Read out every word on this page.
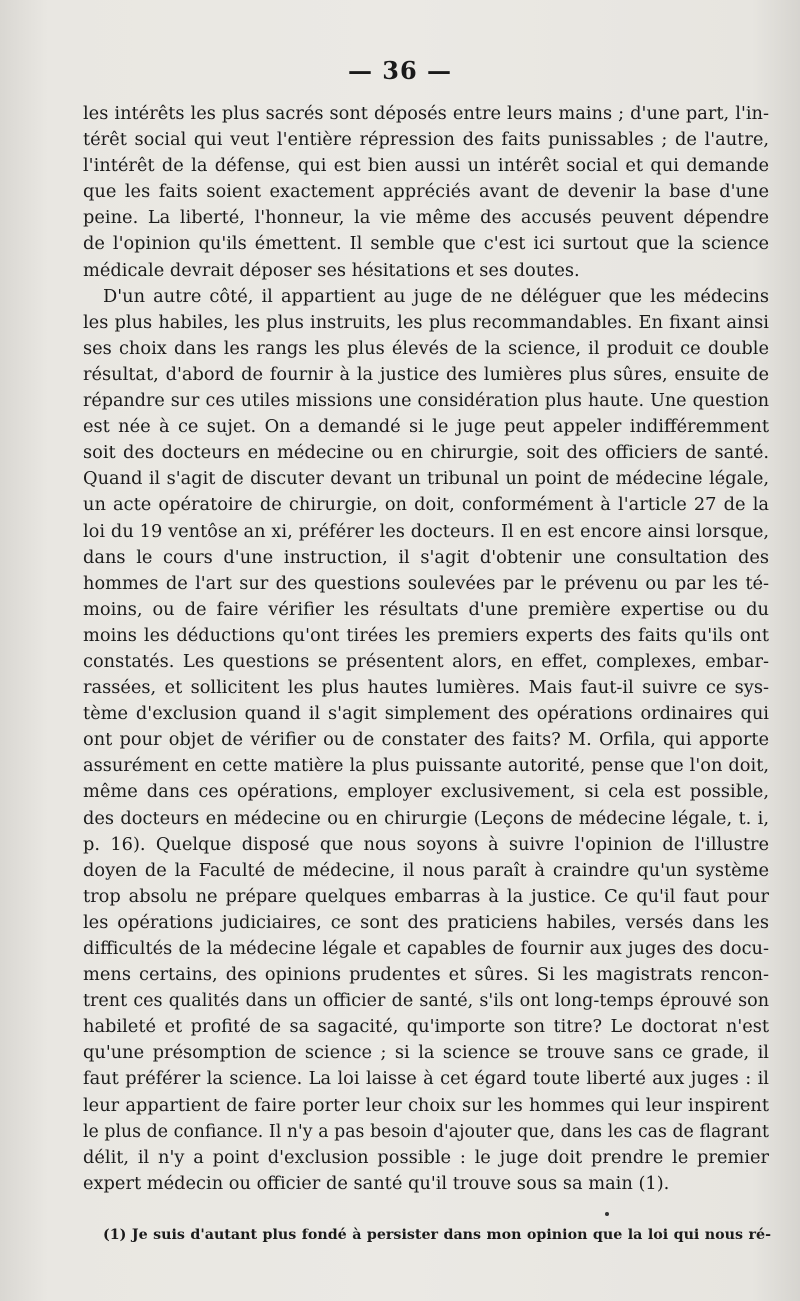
— 36 —
les intérêts les plus sacrés sont déposés entre leurs mains ; d'une part, l'in-
térêt social qui veut l'entière répression des faits punissables ; de l'autre,
l'intérêt de la défense, qui est bien aussi un intérêt social et qui demande
que les faits soient exactement appréciés avant de devenir la base d'une
peine. La liberté, l'honneur, la vie même des accusés peuvent dépendre
de l'opinion qu'ils émettent. Il semble que c'est ici surtout que la science
médicale devrait déposer ses hésitations et ses doutes.
D'un autre côté, il appartient au juge de ne déléguer que les médecins
les plus habiles, les plus instruits, les plus recommandables. En fixant ainsi
ses choix dans les rangs les plus élevés de la science, il produit ce double
résultat, d'abord de fournir à la justice des lumières plus sûres, ensuite de
répandre sur ces utiles missions une considération plus haute. Une question
est née à ce sujet. On a demandé si le juge peut appeler indifféremment
soit des docteurs en médecine ou en chirurgie, soit des officiers de santé.
Quand il s'agit de discuter devant un tribunal un point de médecine légale,
un acte opératoire de chirurgie, on doit, conformément à l'article 27 de la
loi du 19 ventôse an xi, préférer les docteurs. Il en est encore ainsi lorsque,
dans le cours d'une instruction, il s'agit d'obtenir une consultation des
hommes de l'art sur des questions soulevées par le prévenu ou par les té-
moins, ou de faire vérifier les résultats d'une première expertise ou du
moins les déductions qu'ont tirées les premiers experts des faits qu'ils ont
constatés. Les questions se présentent alors, en effet, complexes, embar-
rassées, et sollicitent les plus hautes lumières. Mais faut-il suivre ce sys-
tème d'exclusion quand il s'agit simplement des opérations ordinaires qui
ont pour objet de vérifier ou de constater des faits? M. Orfila, qui apporte
assurément en cette matière la plus puissante autorité, pense que l'on doit,
même dans ces opérations, employer exclusivement, si cela est possible,
des docteurs en médecine ou en chirurgie (Leçons de médecine légale, t. i,
p. 16). Quelque disposé que nous soyons à suivre l'opinion de l'illustre
doyen de la Faculté de médecine, il nous paraît à craindre qu'un système
trop absolu ne prépare quelques embarras à la justice. Ce qu'il faut pour
les opérations judiciaires, ce sont des praticiens habiles, versés dans les
difficultés de la médecine légale et capables de fournir aux juges des docu-
mens certains, des opinions prudentes et sûres. Si les magistrats rencon-
trent ces qualités dans un officier de santé, s'ils ont long-temps éprouvé son
habileté et profité de sa sagacité, qu'importe son titre? Le doctorat n'est
qu'une présomption de science ; si la science se trouve sans ce grade, il
faut préférer la science. La loi laisse à cet égard toute liberté aux juges : il
leur appartient de faire porter leur choix sur les hommes qui leur inspirent
le plus de confiance. Il n'y a pas besoin d'ajouter que, dans les cas de flagrant
délit, il n'y a point d'exclusion possible : le juge doit prendre le premier
expert médecin ou officier de santé qu'il trouve sous sa main (1).
(1) Je suis d'autant plus fondé à persister dans mon opinion que la loi qui nous ré-
